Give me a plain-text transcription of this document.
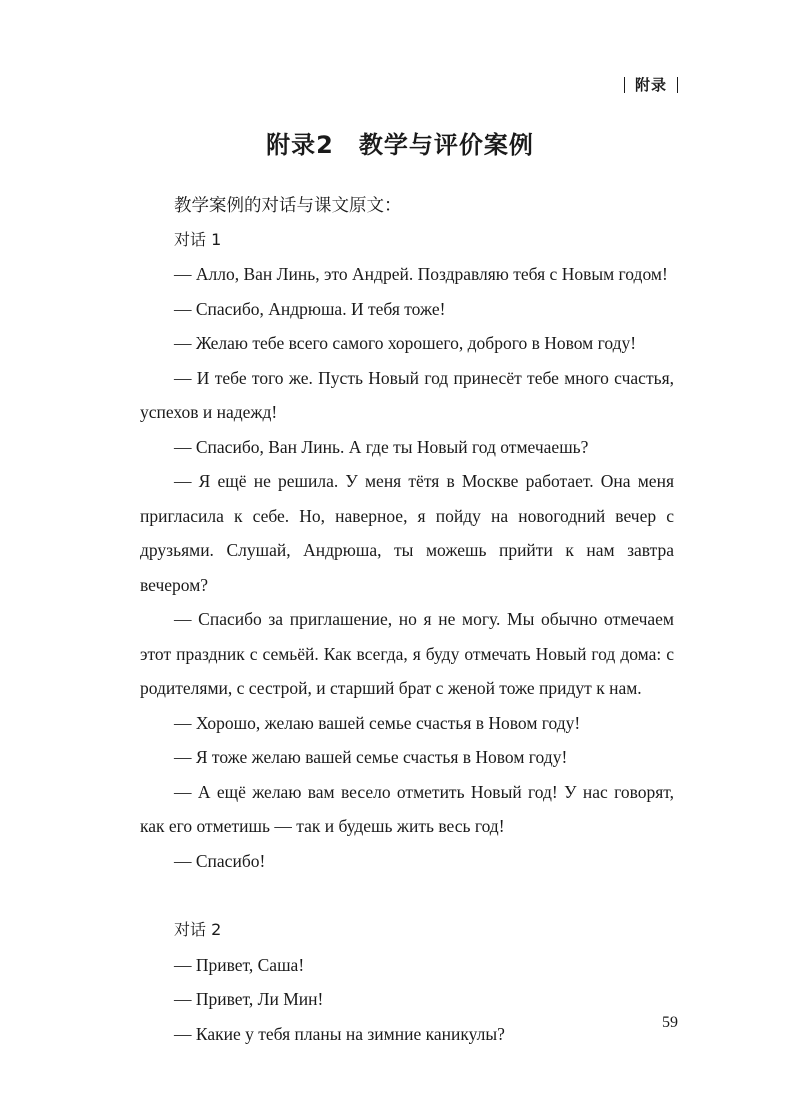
附录
附录2　教学与评价案例

教学案例的对话与课文原文：

对话 1

— Алло, Ван Линь, это Андрей. Поздравляю тебя с Новым годом!

— Спасибо, Андрюша. И тебя тоже!

— Желаю тебе всего самого хорошего, доброго в Новом году!

— И тебе того же. Пусть Новый год принесёт тебе много счастья, успехов и надежд!

— Спасибо, Ван Линь. А где ты Новый год отмечаешь?

— Я ещё не решила. У меня тётя в Москве работает. Она меня пригласила к себе. Но, наверное, я пойду на новогодний вечер с друзьями. Слушай, Андрюша, ты можешь прийти к нам завтра вечером?

— Спасибо за приглашение, но я не могу. Мы обычно отмечаем этот праздник с семьёй. Как всегда, я буду отмечать Новый год дома: с родителями, с сестрой, и старший брат с женой тоже придут к нам.

— Хорошо, желаю вашей семье счастья в Новом году!

— Я тоже желаю вашей семье счастья в Новом году!

— А ещё желаю вам весело отметить Новый год! У нас говорят, как его отметишь — так и будешь жить весь год!

— Спасибо!

对话 2

— Привет, Саша!

— Привет, Ли Мин!

— Какие у тебя планы на зимние каникулы?

59
